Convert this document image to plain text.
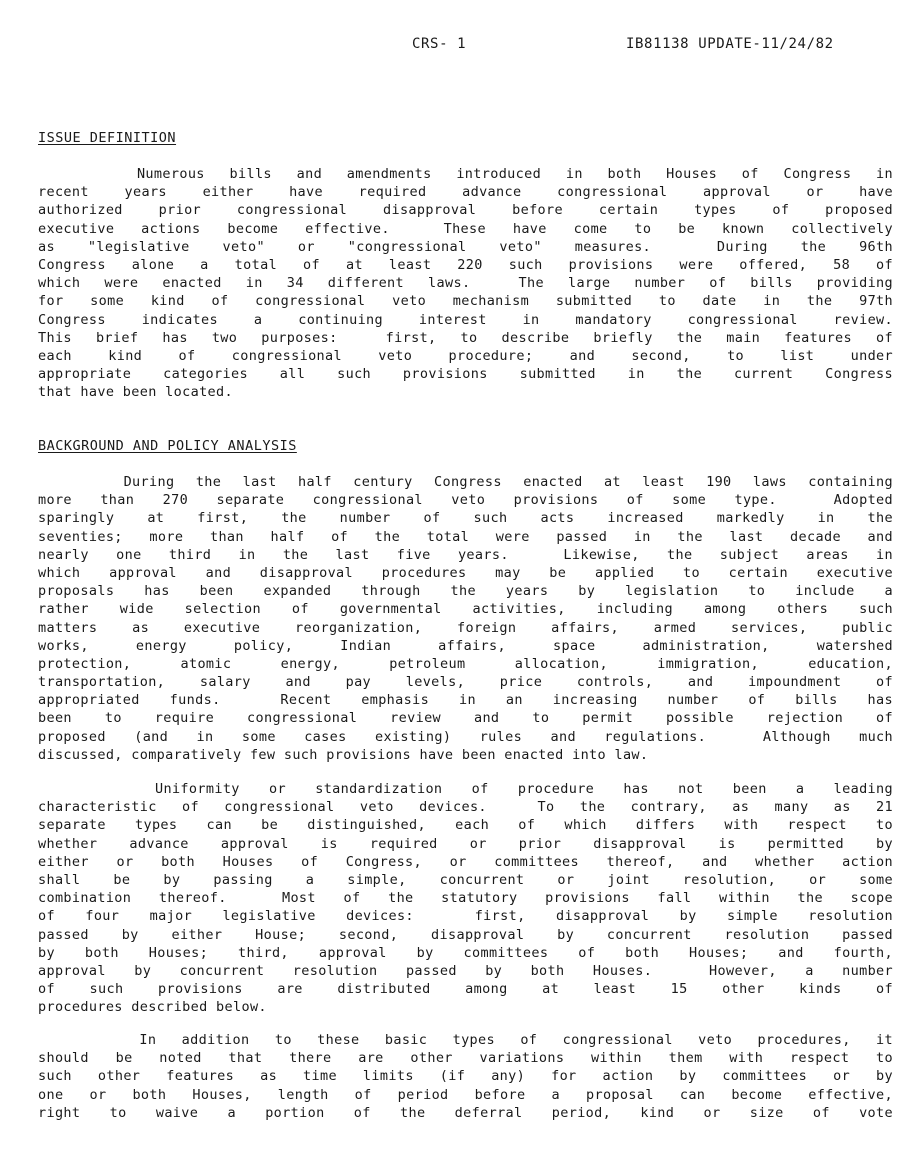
CRS- 1	IB81138 UPDATE-11/24/82
ISSUE DEFINITION
Numerous bills and amendments introduced in both Houses of Congress in
recent years either have required advance congressional approval or have
authorized prior congressional disapproval before certain types of proposed
executive actions become effective.  These have come to be known collectively
as "legislative veto" or "congressional veto" measures.  During the 96th
Congress alone a total of at least 220 such provisions were offered, 58 of
which were enacted in 34 different laws.  The large number of bills providing
for some kind of congressional veto mechanism submitted to date in the 97th
Congress indicates a continuing interest in mandatory congressional review.
This brief has two purposes:  first, to describe briefly the main features of
each kind of congressional veto procedure; and second, to list under
appropriate categories all such provisions submitted in the current Congress
that have been located.
BACKGROUND AND POLICY ANALYSIS
During the last half century Congress enacted at least 190 laws containing
more than 270 separate congressional veto provisions of some type.  Adopted
sparingly at first, the number of such acts increased markedly in the
seventies; more than half of the total were passed in the last decade and
nearly one third in the last five years.  Likewise, the subject areas in
which approval and disapproval procedures may be applied to certain executive
proposals has been expanded through the years by legislation to include a
rather wide selection of governmental activities, including among others such
matters as executive reorganization, foreign affairs, armed services, public
works, energy policy, Indian affairs, space administration, watershed
protection, atomic energy, petroleum allocation, immigration, education,
transportation, salary and pay levels, price controls, and impoundment of
appropriated funds.  Recent emphasis in an increasing number of bills has
been to require congressional review and to permit possible rejection of
proposed (and in some cases existing) rules and regulations.  Although much
discussed, comparatively few such provisions have been enacted into law.
Uniformity or standardization of procedure has not been a leading
characteristic of congressional veto devices.  To the contrary, as many as 21
separate types can be distinguished, each of which differs with respect to
whether advance approval is required or prior disapproval is permitted by
either or both Houses of Congress, or committees thereof, and whether action
shall be by passing a simple, concurrent or joint resolution, or some
combination thereof.  Most of the statutory provisions fall within the scope
of four major legislative devices:  first, disapproval by simple resolution
passed by either House; second, disapproval by concurrent resolution passed
by both Houses; third, approval by committees of both Houses; and fourth,
approval by concurrent resolution passed by both Houses.  However, a number
of such provisions are distributed among at least 15 other kinds of
procedures described below.
In addition to these basic types of congressional veto procedures, it
should be noted that there are other variations within them with respect to
such other features as time limits (if any) for action by committees or by
one or both Houses, length of period before a proposal can become effective,
right to waive a portion of the deferral period, kind or size of vote
